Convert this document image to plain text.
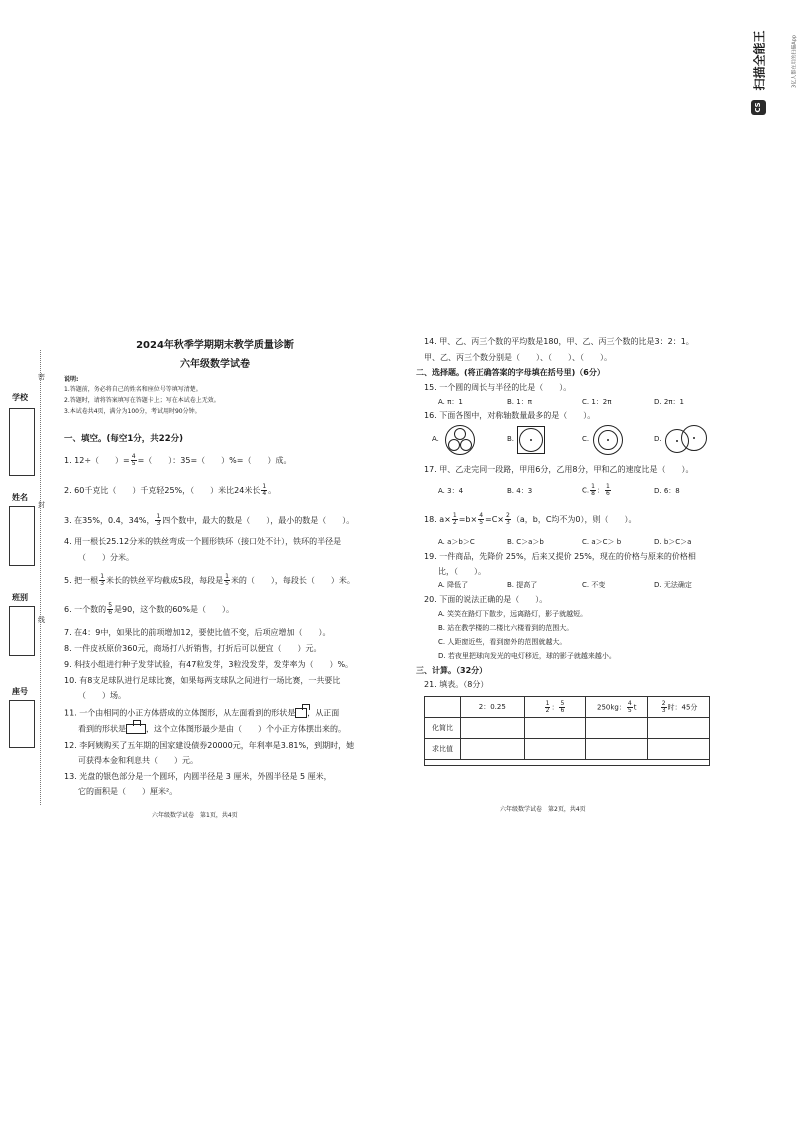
扫描全能王	3亿人都在用的扫描App
CS
密
封
线
学校
姓名
班别
座号
2024年秋季学期期末教学质量诊断
六年级数学试卷
说明:
1.答题前，务必将自己的姓名和座位号等填写清楚。
2.答题时，请将答案填写在答题卡上；写在本试卷上无效。
3.本试卷共4页，满分为100分，考试用时90分钟。
一、填空。(每空1分，共22分)
1. 12÷（　　）= $\frac{4}{5}$ =（　　）：35=（　　）%=（　　）成。
2. 60千克比（　　）千克轻25%，（　　）米比24米长 $\frac{1}{4}$ 。
3. 在35%，0.4，34%， $\frac{1}{3}$ 四个数中，最大的数是（　　），最小的数是（　　）。
4. 用一根长25.12分米的铁丝弯成一个圆形铁环（接口处不计），铁环的半径是
（　　）分米。
5. 把一根 $\frac{1}{3}$ 米长的铁丝平均截成5段，每段是 $\frac{1}{5}$ 米的（　　），每段长（　　）米。
6. 一个数的 $\frac{5}{6}$ 是90，这个数的60%是（　　）。
7. 在4：9中，如果比的前项增加12，要使比值不变，后项应增加（　　）。
8. 一件皮袄原价360元，商场打八折销售，打折后可以便宜（　　）元。
9. 科技小组进行种子发芽试验，有47粒发芽，3粒没发芽，发芽率为（　　）%。
10. 有8支足球队进行足球比赛，如果每两支球队之间进行一场比赛，一共要比
（　　）场。
11. 一个由相同的小正方体搭成的立体图形，从左面看到的形状是 ，从正面
看到的形状是	，这个立体图形最少是由（　　）个小正方体摆出来的。
12. 李阿姨购买了五年期的国家建设债券20000元，年利率是3.81%，到期时，她
可获得本金和利息共（　　）元。
13. 光盘的银色部分是一个圆环，内圆半径是 3 厘米，外圆半径是 5 厘米，
它的面积是（　　）厘米²。
六年级数学试卷　第1页，共4页
14. 甲、乙、丙三个数的平均数是180，甲、乙、丙三个数的比是3：2：1。
甲、乙、丙三个数分别是（　　）、（　　）、（　　）。
二、选择题。(将正确答案的字母填在括号里)（6分）
15. 一个圆的周长与半径的比是（　　）。
A. π：1	B. 1：π	C. 1：2π	D. 2π：1
16. 下面各图中，对称轴数量最多的是（　　）。
A.	B.	C.	D.
17. 甲、乙走完同一段路，甲用6分，乙用8分，甲和乙的速度比是（　　）。
A. 3：4	B. 4：3	C. $\frac{1}{8}$ ： $\frac{1}{6}$	D. 6：8
18. $a\times \frac{1}{2} =b\times \frac{4}{5} =C\times \frac{2}{3} (a$，b，C均不为0），则（　　）。
A. a＞b＞C	B. C＞a＞b	C. a＞C＞ b	D. b＞C＞a
19. 一件商品，先降价 25%，后来又提价 25%，现在的价格与原来的价格相
比，（　　）。
A. 降低了	B. 提高了	C. 不变	D. 无法确定
20. 下面的说法正确的是（　　）。
A. 笑笑在路灯下散步，远离路灯，影子就越短。
B. 站在教学楼的二楼比六楼看到的范围大。
C. 人距窗近些，看到窗外的范围就越大。
D. 若夜里把球向发光的电灯移近，球的影子就越来越小。
三、计算。（32分）
21. 填表。（8分）
	2：0.25	$\frac{1}{2}$ ： $\frac{5}{6}$	250kg： $\frac{4}{5}$ t	$\frac{2}{3}$ 时：45分
化简比				
求比值				
六年级数学试卷　第2页，共4页
